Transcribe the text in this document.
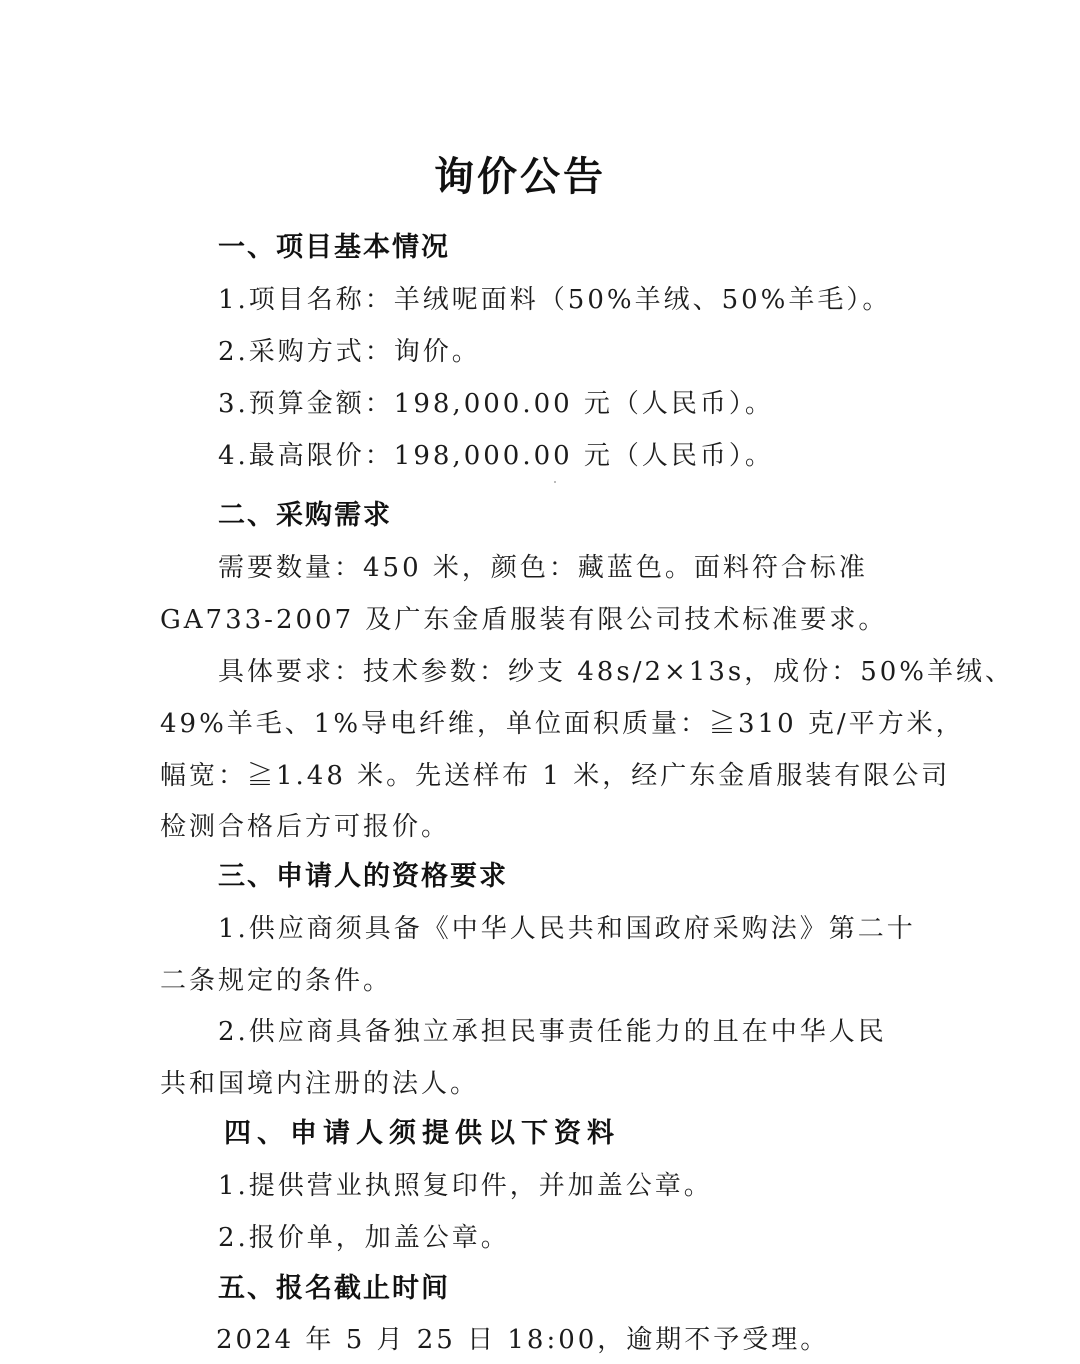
询价公告
一、项目基本情况
1.项目名称：羊绒呢面料（50%羊绒、50%羊毛）。
2.采购方式：询价。
3.预算金额：198,000.00 元（人民币）。
4.最高限价：198,000.00 元（人民币）。
二、采购需求
需要数量：450 米，颜色：藏蓝色。面料符合标准
GA733-2007 及广东金盾服装有限公司技术标准要求。
具体要求：技术参数：纱支 48s/2×13s，成份：50%羊绒、
49%羊毛、1%导电纤维，单位面积质量：≧310 克/平方米，
幅宽：≧1.48 米。先送样布 1 米，经广东金盾服装有限公司
检测合格后方可报价。
三、申请人的资格要求
1.供应商须具备《中华人民共和国政府采购法》第二十
二条规定的条件。
2.供应商具备独立承担民事责任能力的且在中华人民
共和国境内注册的法人。
四、申请人须提供以下资料
1.提供营业执照复印件，并加盖公章。
2.报价单，加盖公章。
五、报名截止时间
2024 年 5 月 25 日 18:00，逾期不予受理。
